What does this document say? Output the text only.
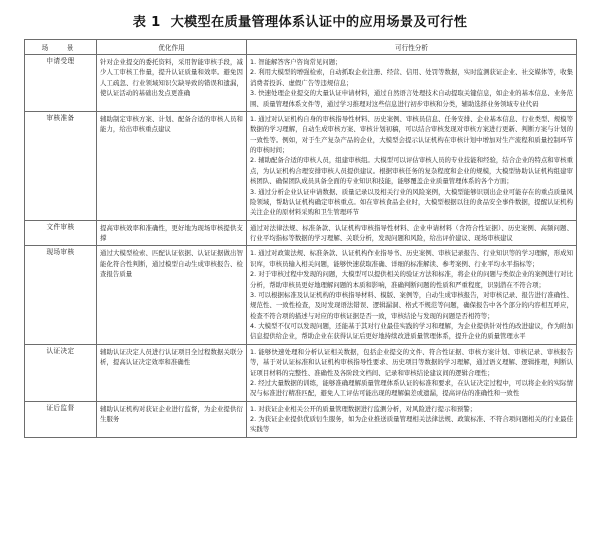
表 1 大模型在质量管理体系认证中的应用场景及可行性
场　景	优化作用	可行性分析
申请受理	针对企业提交的委托资料，采用智能审核手段，减少人工审核工作量，提升认证质量和效率。避免因人工疏忽、行业领域知识欠缺导致的错误和遗漏，使认证活动的基础出发点更准确	1. 智能解答客户咨询常见问题；

2. 利用大模型的增强检索，自动抓取企业注册、经营、信用、处罚等数据，实时监测获证企业、社交媒体等，收集消费者投诉、虚假广告等违规信息；

3. 快速处理企业提交的大量认证申请材料，通过自然语言处理技术自动提取关键信息，如企业的基本信息、业务范围、质量管理体系文件等，通过学习推理对这些信息进行初步审核和分类，辅助选择业务领域专业代码

审核准备	辅助制定审核方案、计划、配备合适的审核人员和能力，给出审核重点建议	1. 通过对认证机构自身的审核指导性材料、历史案例、审核员信息、任务安排、企业基本信息、行业类型、规模等数据的学习理解，自动生成审核方案、审核计划初稿，可以结合审核发现对审核方案进行更新、判断方案与计划的一致性等。例如，对于生产复杂产品的企业，大模型会提示认证机构在审核计划中增加对生产流程和质量控制环节的审核时间；

2. 辅助配备合适的审核人员，组建审核组。大模型可以评估审核人员的专业技能和经验，结合企业的特点和审核重点，为认证机构合理安排审核人员提供建议。根据审核任务的复杂程度和企业的规模，大模型协助认证机构组建审核团队、确保团队成员具备全面的专业知识和技能，能够覆盖企业质量管理体系的各个方面；

3. 通过分析企业认证申请数据、质量记录以及相关行业的风险案例，大模型能够识别出企业可能存在的重点质量风险领域，帮助认证机构确定审核重点。如在审核食品企业时，大模型根据以往的食品安全事件数据，提醒认证机构关注企业的原材料采购和卫生管理环节

文件审核	提高审核效率和准确性，更好地为现场审核提供支撑	通过对法律法规、标准条款、认证机构审核指导性材料、企业申请材料（含符合性证据）、历史案例、高频问题、行业平均指标等数据的学习理解、关联分析，发现问题和风险，给出评价建议、现场审核建议

现场审核	通过大模型检索、匹配认证依据、认证证据做出智能化符合性判断，通过模型自动生成审核报告、检查报告质量	1. 通过对政策法规、标准条款、认证机构作业指导书、历史案例、审核记录报告、行业知识等的学习理解，形成知识库，审核员输入相关问题，能够快速获取准确、详细的标准解读、参考案例、行业平均水平指标等；

2. 对于审核过程中发现的问题，大模型可以提供相关的验证方法和标准，将企业的问题与类似企业的案例进行对比分析，帮助审核员更好地理解问题的本质和影响，准确判断问题的性质和严重程度，识别潜在不符合项；

3. 可以根据标准及认证机构的审核指导材料、模版、案例等，自动生成审核报告，对审核记录、报告进行准确性、规范性、一致性检查，及时发现语法错误、逻辑漏洞、格式不规范等问题，确保报告中各个部分的内容相互呼应，检查不符合项的描述与对应的审核证据是否一致，审核结论与发现的问题是否相符等；

4. 大模型不仅可以发现问题，还能基于其对行业最佳实践的学习和理解，为企业提供针对性的改进建议，作为附加信息提供给企业，帮助企业在获得认证后更好地持续改进质量管理体系，提升企业的质量管理水平

认证决定	辅助认证决定人员进行认证项目全过程数据关联分析，提高认证决定效率和准确性	1. 能够快速处理和分析认证相关数据，包括企业提交的文件、符合性证据、审核方案计划、审核记录、审核报告等，基于对认证标准和认证机构审核指导性要求、历史项目等数据的学习理解，通过语义理解、逻辑推理，判断认证项目材料的完整性、准确性及各阶段文档间、记录和审核结论建议间的逻辑合理性；

2. 经过大量数据的训练，能够准确理解质量管理体系认证的标准和要求，在认证决定过程中，可以将企业的实际情况与标准进行精准匹配，避免人工评估可能出现的理解偏差或遗漏，提高评估的准确性和一致性

证后监督	辅助认证机构对获证企业进行监督，为企业提供衍生服务	1. 对获证企业相关公开的质量管理数据进行监测分析，对风险进行提示和预警；

2. 为获证企业提供优质衍生服务，如为企业推送质量管理相关法律法规、政策标准、不符合项问题相关的行业最佳实践等
